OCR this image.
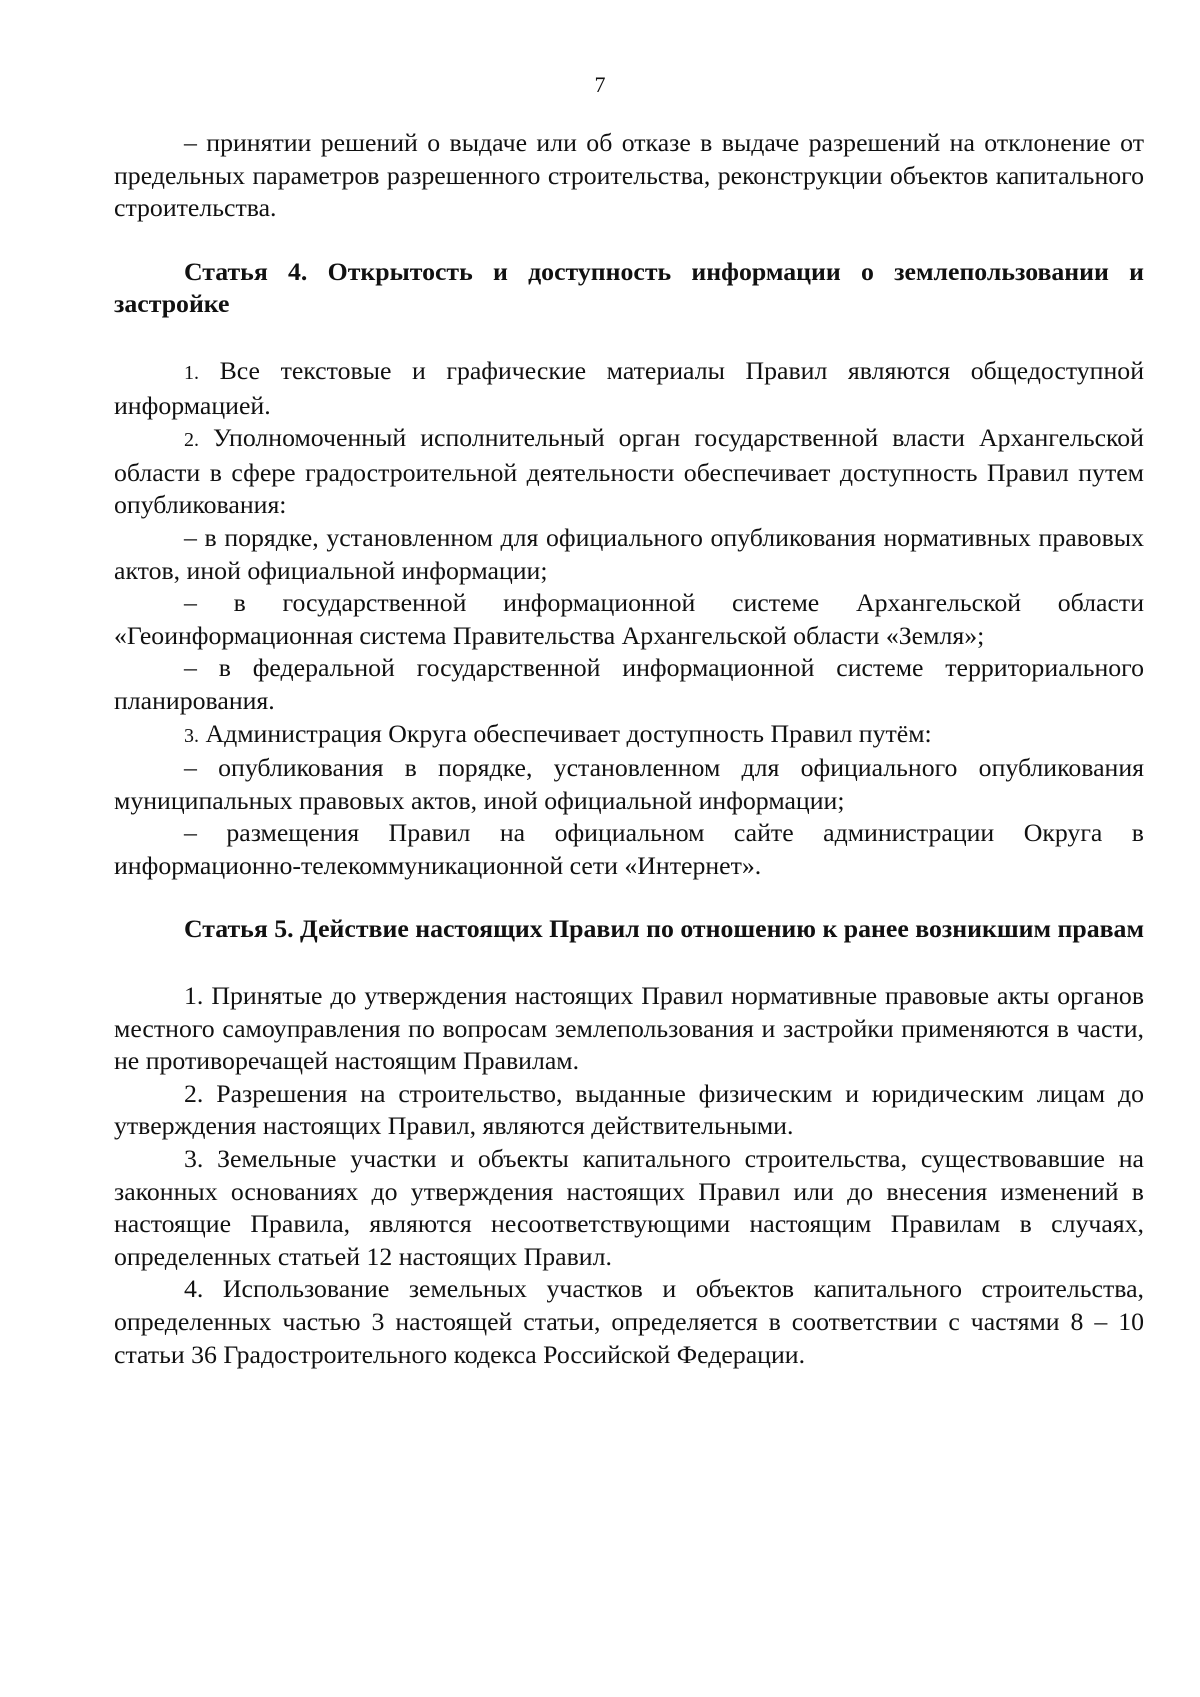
7

– принятии решений о выдаче или об отказе в выдаче разрешений на отклонение от предельных параметров разрешенного строительства, реконструкции объектов капитального строительства.

Статья 4. Открытость и доступность информации о землепользовании и застройке

1. Все текстовые и графические материалы Правил являются общедоступной информацией.

2. Уполномоченный исполнительный орган государственной власти Архангельской области в сфере градостроительной деятельности обеспечивает доступность Правил путем опубликования:

– в порядке, установленном для официального опубликования нормативных правовых актов, иной официальной информации;

– в государственной информационной системе Архангельской области «Геоинформационная система Правительства Архангельской области «Земля»;

– в федеральной государственной информационной системе территориального планирования.

3. Администрация Округа обеспечивает доступность Правил путём:

– опубликования в порядке, установленном для официального опубликования муниципальных правовых актов, иной официальной информации;

– размещения Правил на официальном сайте администрации Округа в информационно-телекоммуникационной сети «Интернет».

Статья 5. Действие настоящих Правил по отношению к ранее возникшим правам

1. Принятые до утверждения настоящих Правил нормативные правовые акты органов местного самоуправления по вопросам землепользования и застройки применяются в части, не противоречащей настоящим Правилам.

2. Разрешения на строительство, выданные физическим и юридическим лицам до утверждения настоящих Правил, являются действительными.

3. Земельные участки и объекты капитального строительства, существовавшие на законных основаниях до утверждения настоящих Правил или до внесения изменений в настоящие Правила, являются несоответствующими настоящим Правилам в случаях, определенных статьей 12 настоящих Правил.

4. Использование земельных участков и объектов капитального строительства, определенных частью 3 настоящей статьи, определяется в соответствии с частями 8 – 10 статьи 36 Градостроительного кодекса Российской Федерации.
